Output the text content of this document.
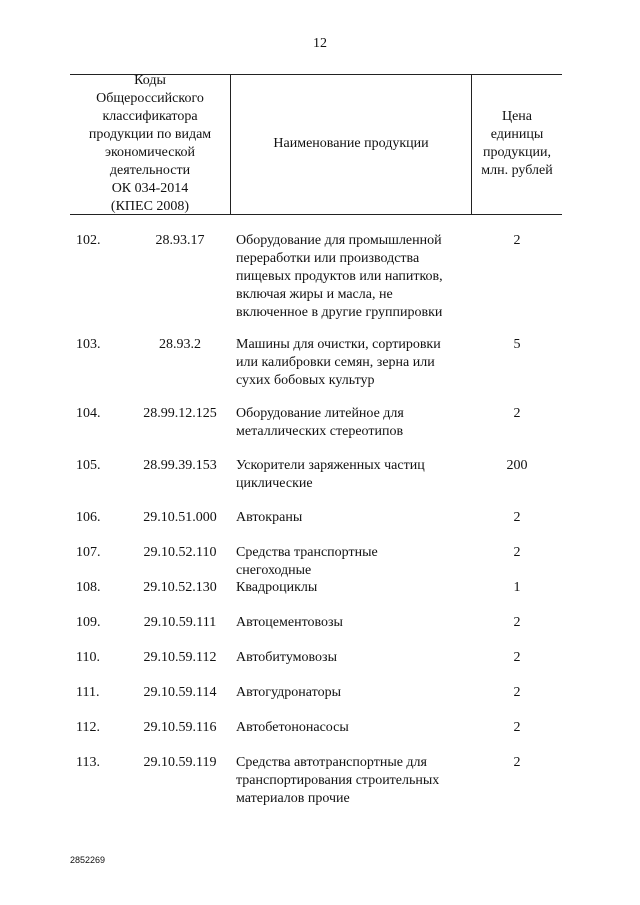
12
Коды
Общероссийского
классификатора
продукции по видам
экономической
деятельности
ОК 034-2014
(КПЕС 2008)
Наименование продукции
Цена
единицы
продукции,
млн. рублей
102.	28.93.17	Оборудование для промышленной
переработки или производства
пищевых продуктов или напитков,
включая жиры и масла, не
включенное в другие группировки
2
103.	28.93.2	Машины для очистки, сортировки
или калибровки семян, зерна или
сухих бобовых культур
5
104.	28.99.12.125	Оборудование литейное для
металлических стереотипов
2
105.	28.99.39.153	Ускорители заряженных частиц
циклические
200
106.	29.10.51.000	Автокраны	2
107.	29.10.52.110	Средства транспортные
снегоходные
2
108.	29.10.52.130	Квадроциклы	1
109.	29.10.59.111	Автоцементовозы	2
110.	29.10.59.112	Автобитумовозы	2
111.	29.10.59.114	Автогудронаторы	2
112.	29.10.59.116	Автобетононасосы	2
113.	29.10.59.119	Средства автотранспортные для
транспортирования строительных
материалов прочие
2
2852269
